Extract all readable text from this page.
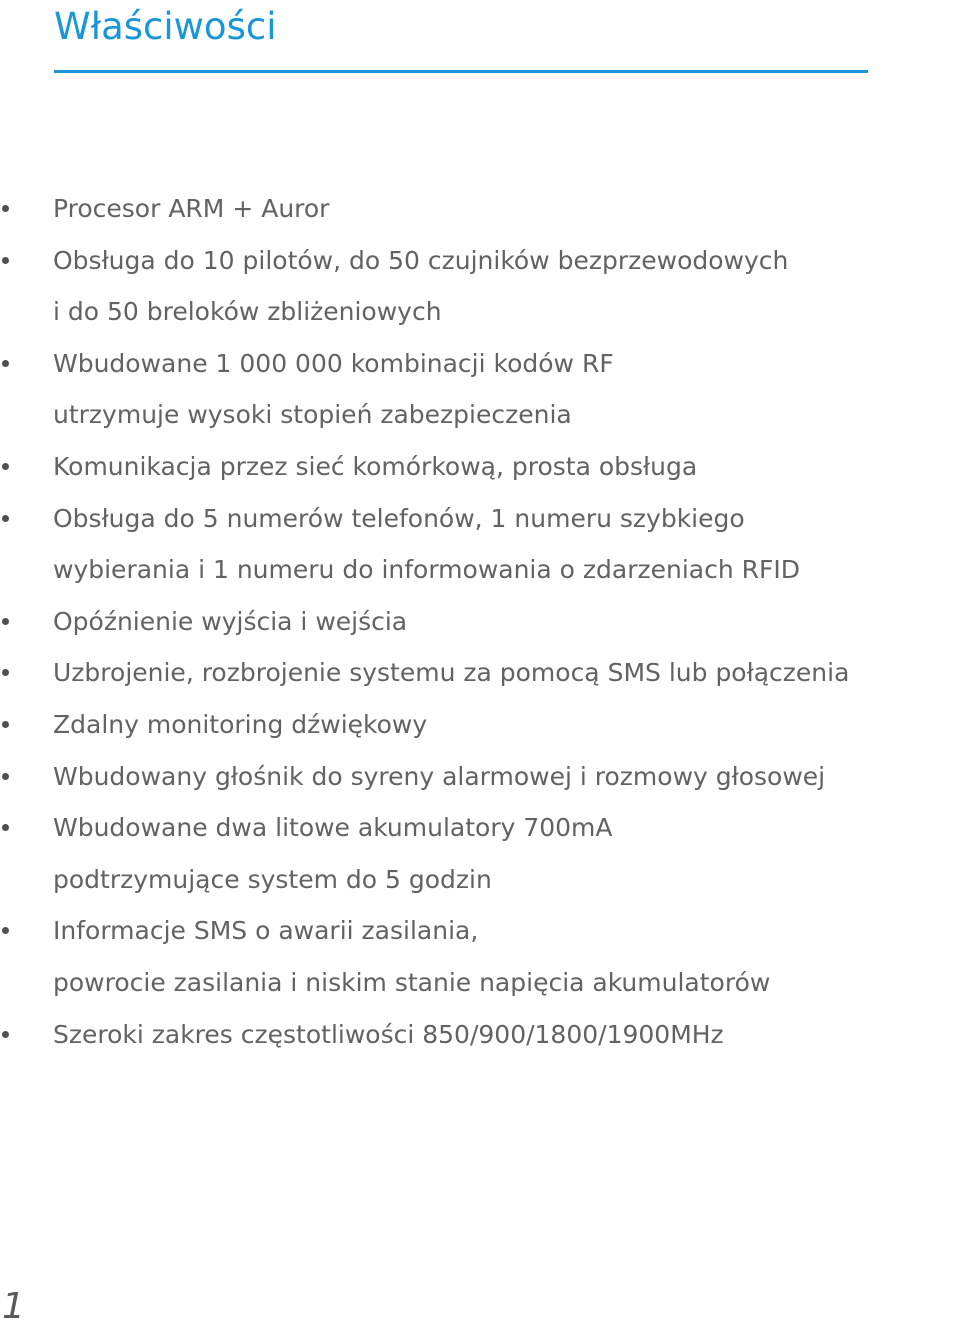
Właściwości
Procesor ARM + Auror
Obsługa do 10 pilotów, do 50 czujników bezprzewodowych
i do 50 breloków zbliżeniowych
Wbudowane 1 000 000 kombinacji kodów RF
utrzymuje wysoki stopień zabezpieczenia
Komunikacja przez sieć komórkową, prosta obsługa
Obsługa do 5 numerów telefonów, 1 numeru szybkiego
wybierania i 1 numeru do informowania o zdarzeniach RFID
Opóźnienie wyjścia i wejścia
Uzbrojenie, rozbrojenie systemu za pomocą SMS lub połączenia
Zdalny monitoring dźwiękowy
Wbudowany głośnik do syreny alarmowej i rozmowy głosowej
Wbudowane dwa litowe akumulatory 700mA
podtrzymujące system do 5 godzin
Informacje SMS o awarii zasilania,
powrocie zasilania i niskim stanie napięcia akumulatorów
Szeroki zakres częstotliwości 850/900/1800/1900MHz
1
